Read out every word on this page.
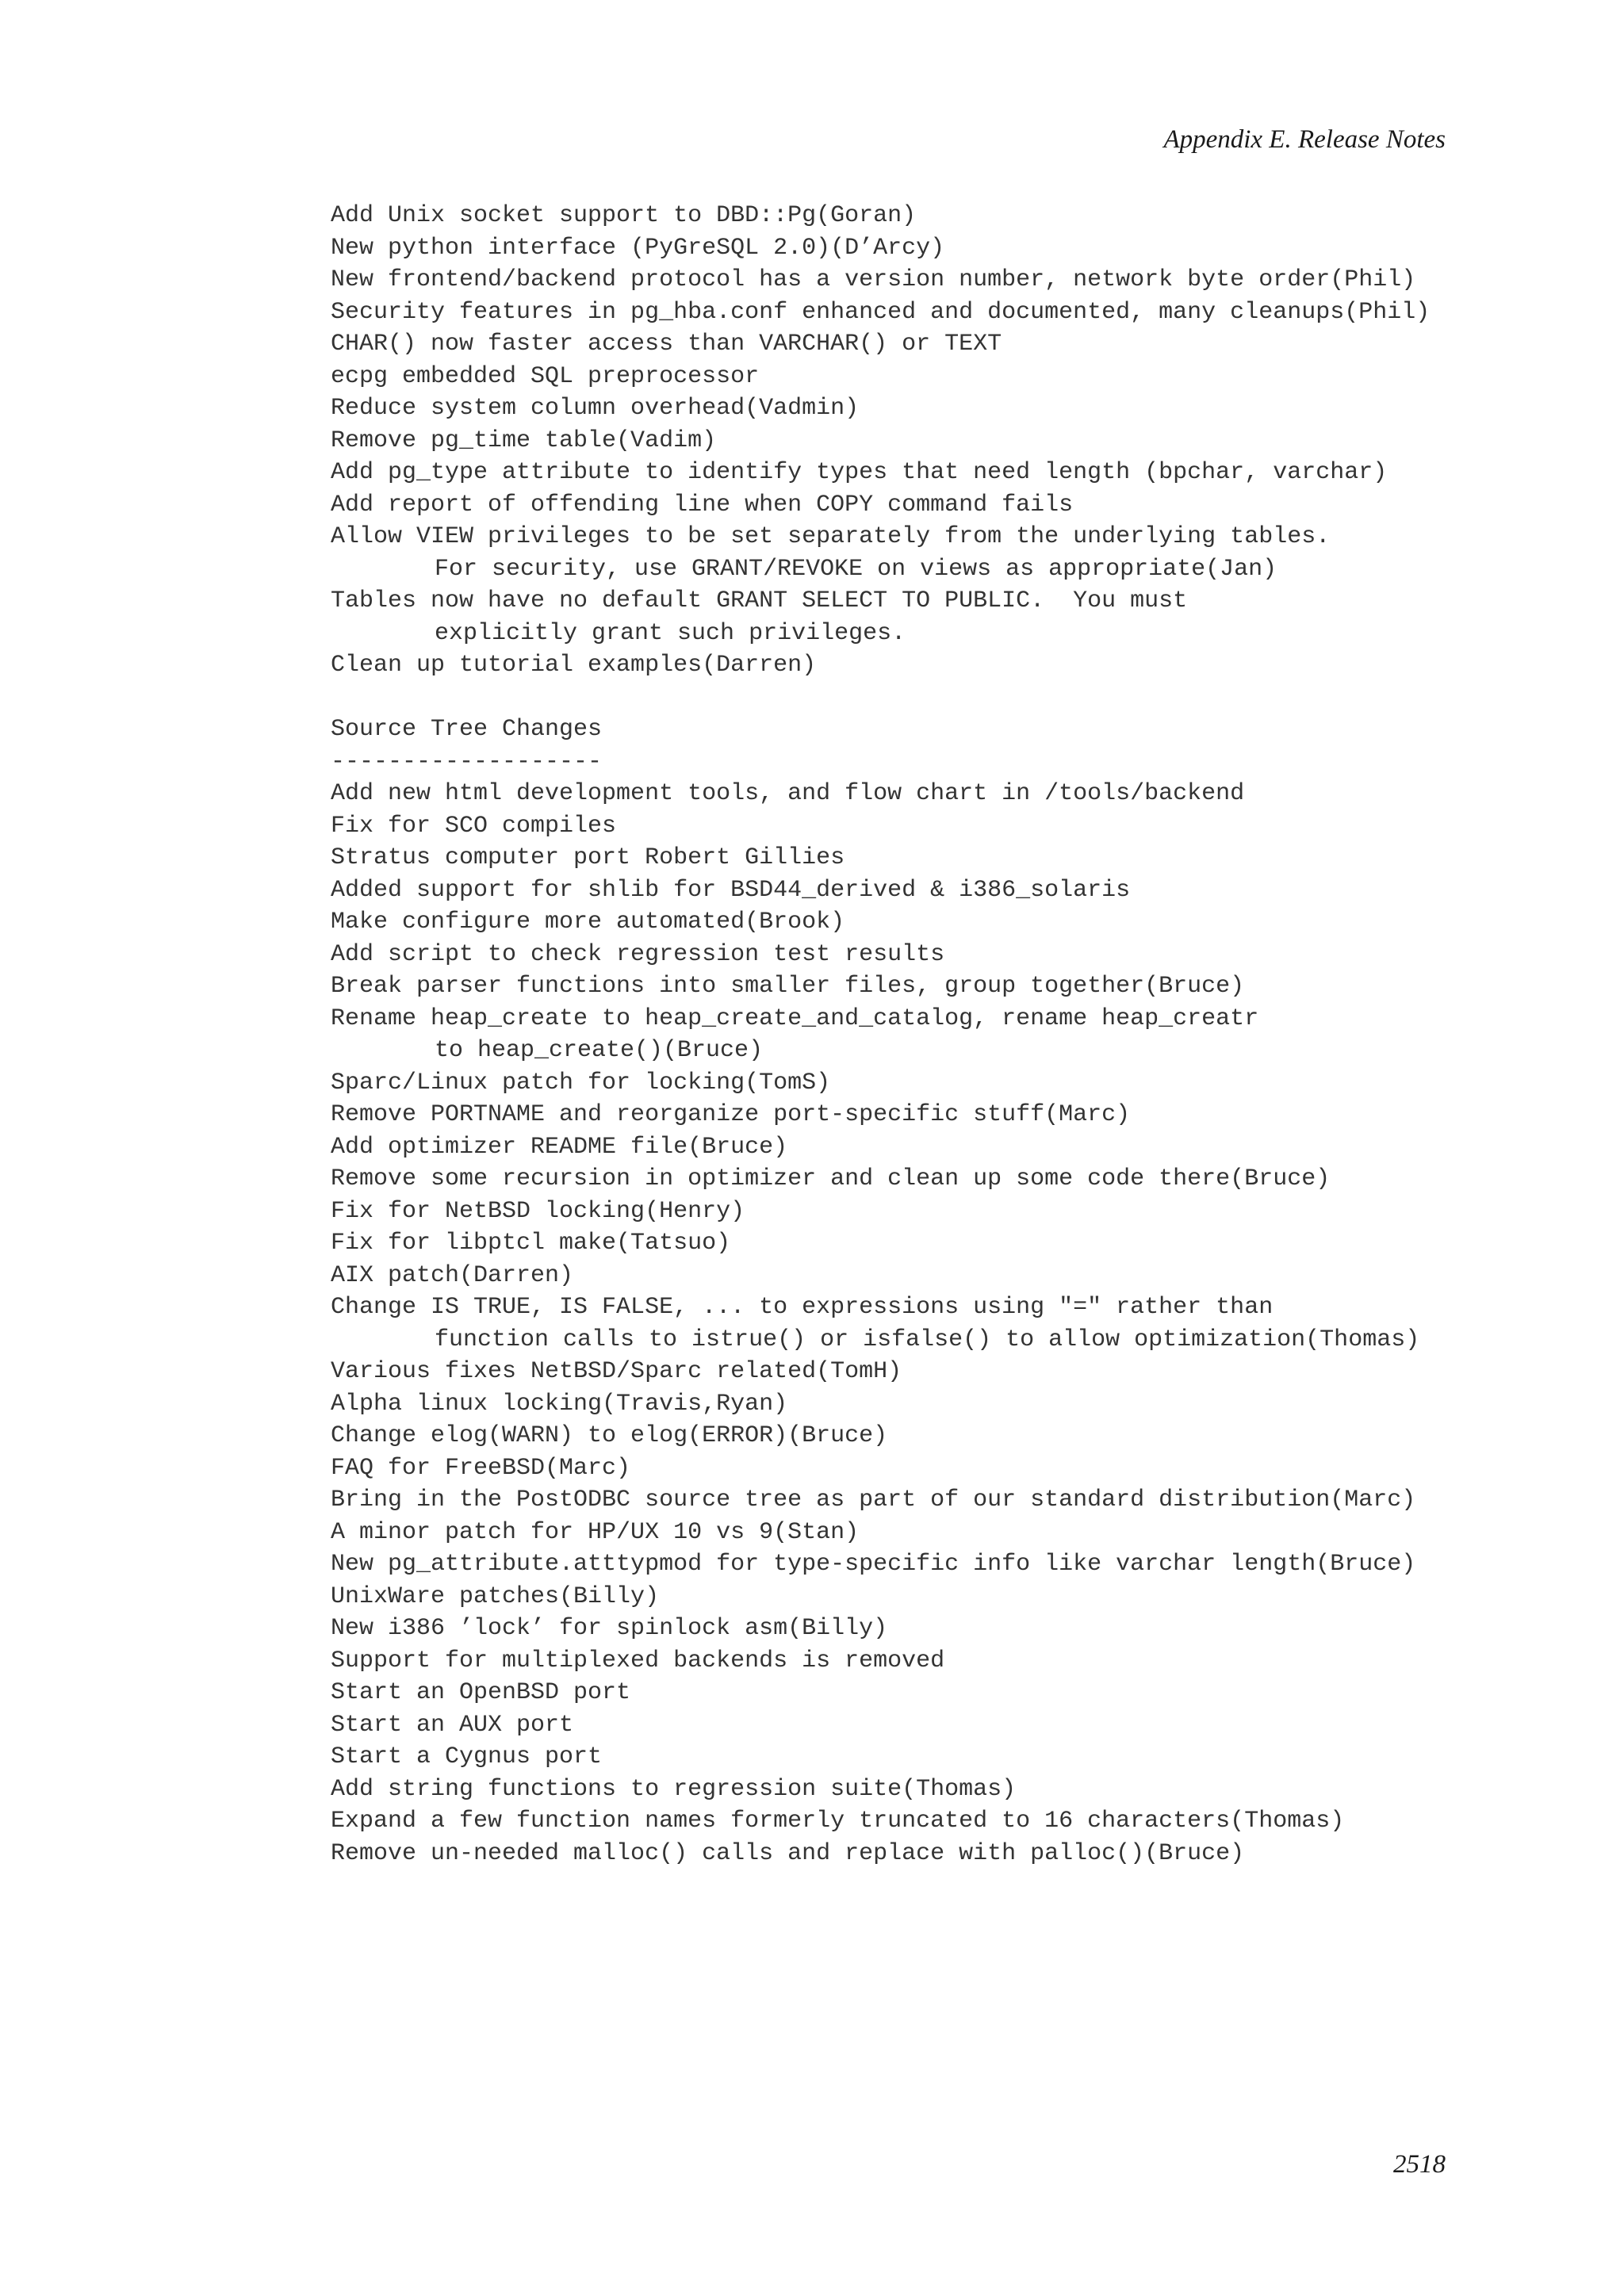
Appendix E. Release Notes
Add Unix socket support to DBD::Pg(Goran)
New python interface (PyGreSQL 2.0)(D’Arcy)
New frontend/backend protocol has a version number, network byte order(Phil)
Security features in pg_hba.conf enhanced and documented, many cleanups(Phil)
CHAR() now faster access than VARCHAR() or TEXT
ecpg embedded SQL preprocessor
Reduce system column overhead(Vadmin)
Remove pg_time table(Vadim)
Add pg_type attribute to identify types that need length (bpchar, varchar)
Add report of offending line when COPY command fails
Allow VIEW privileges to be set separately from the underlying tables.
For security, use GRANT/REVOKE on views as appropriate(Jan)
Tables now have no default GRANT SELECT TO PUBLIC.  You must
explicitly grant such privileges.
Clean up tutorial examples(Darren)
Source Tree Changes
-------------------
Add new html development tools, and flow chart in /tools/backend
Fix for SCO compiles
Stratus computer port Robert Gillies
Added support for shlib for BSD44_derived & i386_solaris
Make configure more automated(Brook)
Add script to check regression test results
Break parser functions into smaller files, group together(Bruce)
Rename heap_create to heap_create_and_catalog, rename heap_creatr
to heap_create()(Bruce)
Sparc/Linux patch for locking(TomS)
Remove PORTNAME and reorganize port-specific stuff(Marc)
Add optimizer README file(Bruce)
Remove some recursion in optimizer and clean up some code there(Bruce)
Fix for NetBSD locking(Henry)
Fix for libptcl make(Tatsuo)
AIX patch(Darren)
Change IS TRUE, IS FALSE, ... to expressions using "=" rather than
function calls to istrue() or isfalse() to allow optimization(Thomas)
Various fixes NetBSD/Sparc related(TomH)
Alpha linux locking(Travis,Ryan)
Change elog(WARN) to elog(ERROR)(Bruce)
FAQ for FreeBSD(Marc)
Bring in the PostODBC source tree as part of our standard distribution(Marc)
A minor patch for HP/UX 10 vs 9(Stan)
New pg_attribute.atttypmod for type-specific info like varchar length(Bruce)
UnixWare patches(Billy)
New i386 ’lock’ for spinlock asm(Billy)
Support for multiplexed backends is removed
Start an OpenBSD port
Start an AUX port
Start a Cygnus port
Add string functions to regression suite(Thomas)
Expand a few function names formerly truncated to 16 characters(Thomas)
Remove un-needed malloc() calls and replace with palloc()(Bruce)
2518
